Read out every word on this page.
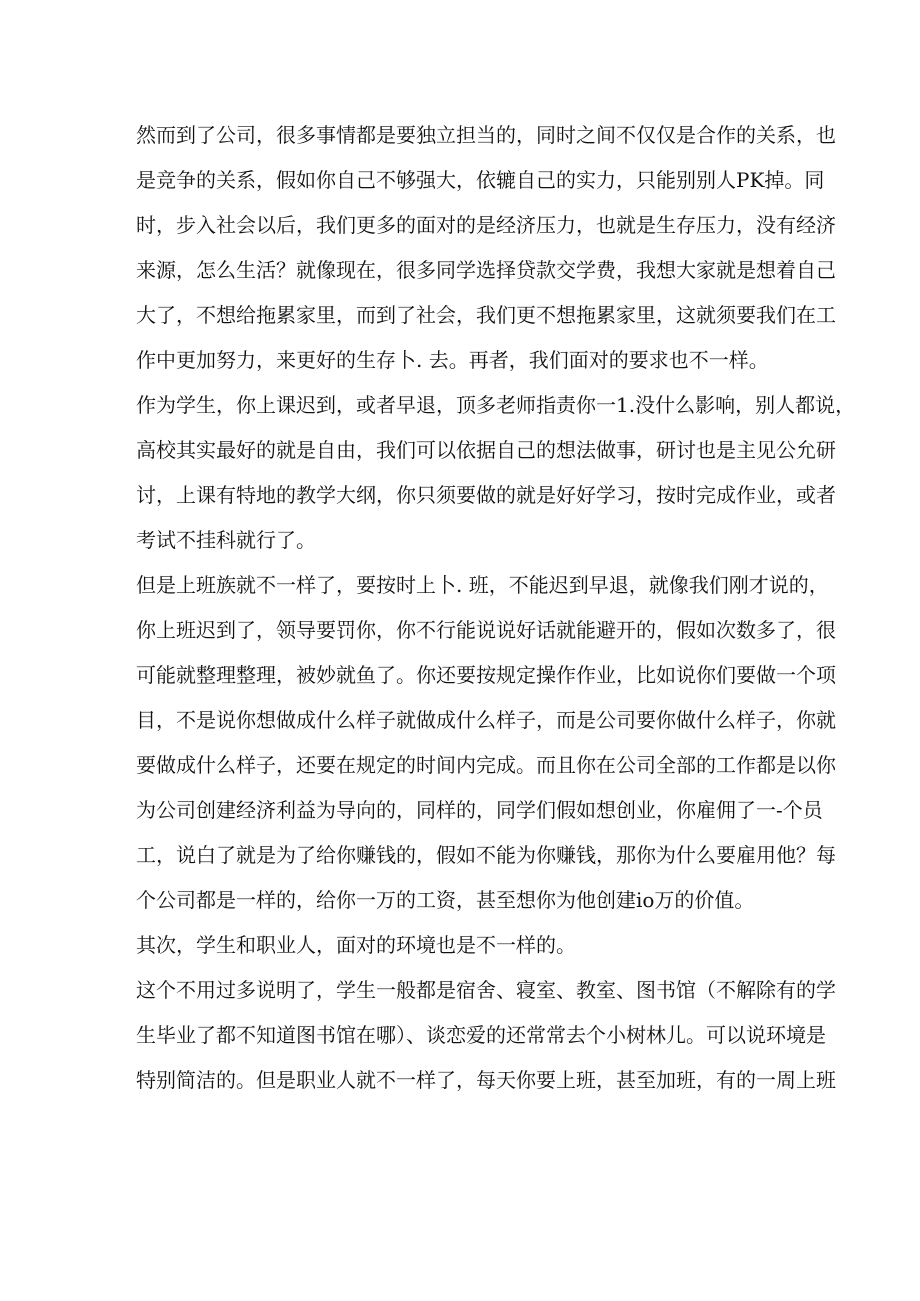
然而到了公司，很多事情都是要独立担当的，同时之间不仅仅是合作的关系，也
是竞争的关系，假如你自己不够强大，依辘自己的实力，只能别别人PK掉。同
时，步入社会以后，我们更多的面对的是经济压力，也就是生存压力，没有经济
来源，怎么生活？就像现在，很多同学选择贷款交学费，我想大家就是想着自己
大了，不想给拖累家里，而到了社会，我们更不想拖累家里，这就须要我们在工
作中更加努力，来更好的生存卜. 去。再者，我们面对的要求也不一样。
作为学生，你上课迟到，或者早退，顶多老师指责你一1.没什么影响，别人都说，
高校其实最好的就是自由，我们可以依据自己的想法做事，研讨也是主见公允研
讨，上课有特地的教学大纲，你只须要做的就是好好学习，按时完成作业，或者
考试不挂科就行了。
但是上班族就不一样了，要按时上卜. 班，不能迟到早退，就像我们刚才说的，
你上班迟到了，领导要罚你，你不行能说说好话就能避开的，假如次数多了，很
可能就整理整理，被妙就鱼了。你还要按规定操作作业，比如说你们要做一个项
目，不是说你想做成什么样子就做成什么样子，而是公司要你做什么样子，你就
要做成什么样子，还要在规定的时间内完成。而且你在公司全部的工作都是以你
为公司创建经济利益为导向的，同样的，同学们假如想创业，你雇佣了一-个员
工，说白了就是为了给你赚钱的，假如不能为你赚钱，那你为什么要雇用他？每
个公司都是一样的，给你一万的工资，甚至想你为他创建io万的价值。
其次，学生和职业人，面对的环境也是不一样的。
这个不用过多说明了，学生一般都是宿舍、寝室、教室、图书馆（不解除有的学
生毕业了都不知道图书馆在哪）、谈恋爱的还常常去个小树林儿。可以说环境是
特别简洁的。但是职业人就不一样了，每天你要上班，甚至加班，有的一周上班
